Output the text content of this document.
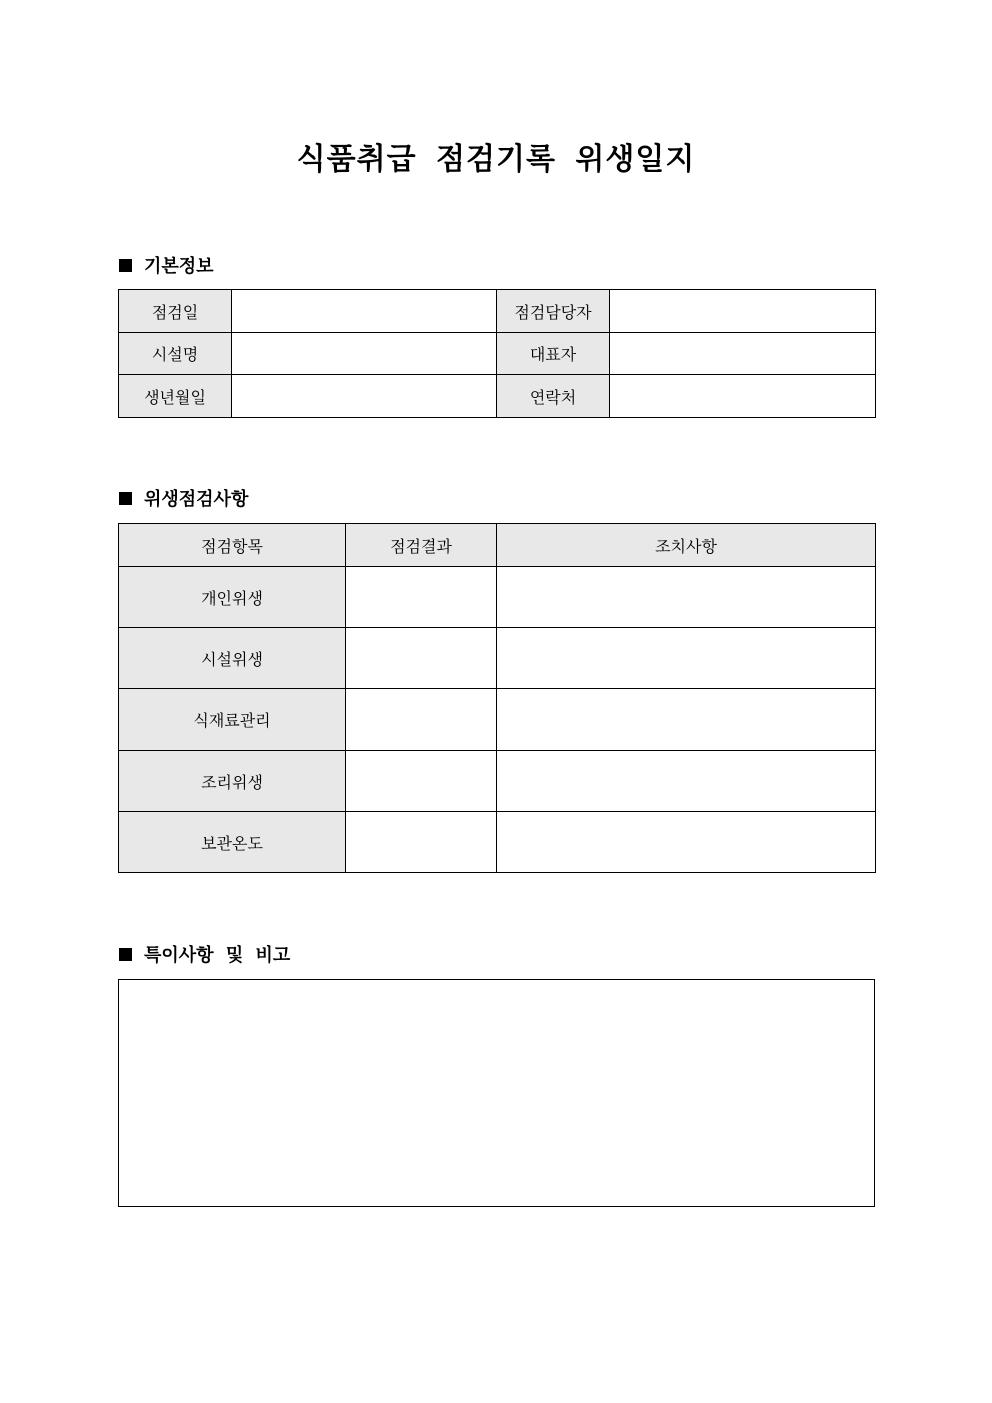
식품취급 점검기록 위생일지
기본정보
점검일		점검담당자	
시설명		대표자	
생년월일		연락처	
위생점검사항
점검항목	점검결과	조치사항
개인위생		
시설위생		
식재료관리		
조리위생		
보관온도		
특이사항 및 비고
